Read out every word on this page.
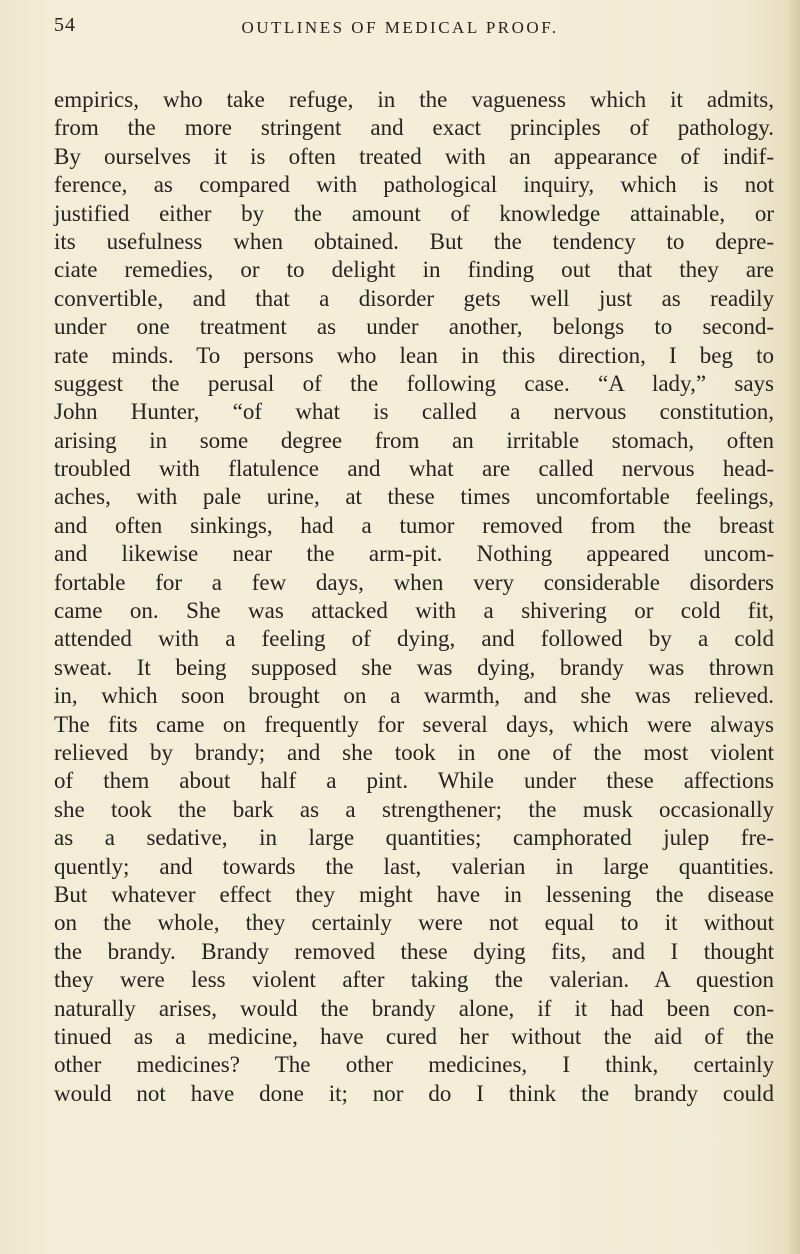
54	OUTLINES OF MEDICAL PROOF.
empirics, who take refuge, in the vagueness which it admits,
from the more stringent and exact principles of pathology.
By ourselves it is often treated with an appearance of indif-
ference, as compared with pathological inquiry, which is not
justified either by the amount of knowledge attainable, or
its usefulness when obtained. But the tendency to depre-
ciate remedies, or to delight in finding out that they are
convertible, and that a disorder gets well just as readily
under one treatment as under another, belongs to second-
rate minds. To persons who lean in this direction, I beg to
suggest the perusal of the following case. “A lady,” says
John Hunter, “of what is called a nervous constitution,
arising in some degree from an irritable stomach, often
troubled with flatulence and what are called nervous head-
aches, with pale urine, at these times uncomfortable feelings,
and often sinkings, had a tumor removed from the breast
and likewise near the arm-pit. Nothing appeared uncom-
fortable for a few days, when very considerable disorders
came on. She was attacked with a shivering or cold fit,
attended with a feeling of dying, and followed by a cold
sweat. It being supposed she was dying, brandy was thrown
in, which soon brought on a warmth, and she was relieved.
The fits came on frequently for several days, which were always
relieved by brandy; and she took in one of the most violent
of them about half a pint. While under these affections
she took the bark as a strengthener; the musk occasionally
as a sedative, in large quantities; camphorated julep fre-
quently; and towards the last, valerian in large quantities.
But whatever effect they might have in lessening the disease
on the whole, they certainly were not equal to it without
the brandy. Brandy removed these dying fits, and I thought
they were less violent after taking the valerian. A question
naturally arises, would the brandy alone, if it had been con-
tinued as a medicine, have cured her without the aid of the
other medicines? The other medicines, I think, certainly
would not have done it; nor do I think the brandy could
